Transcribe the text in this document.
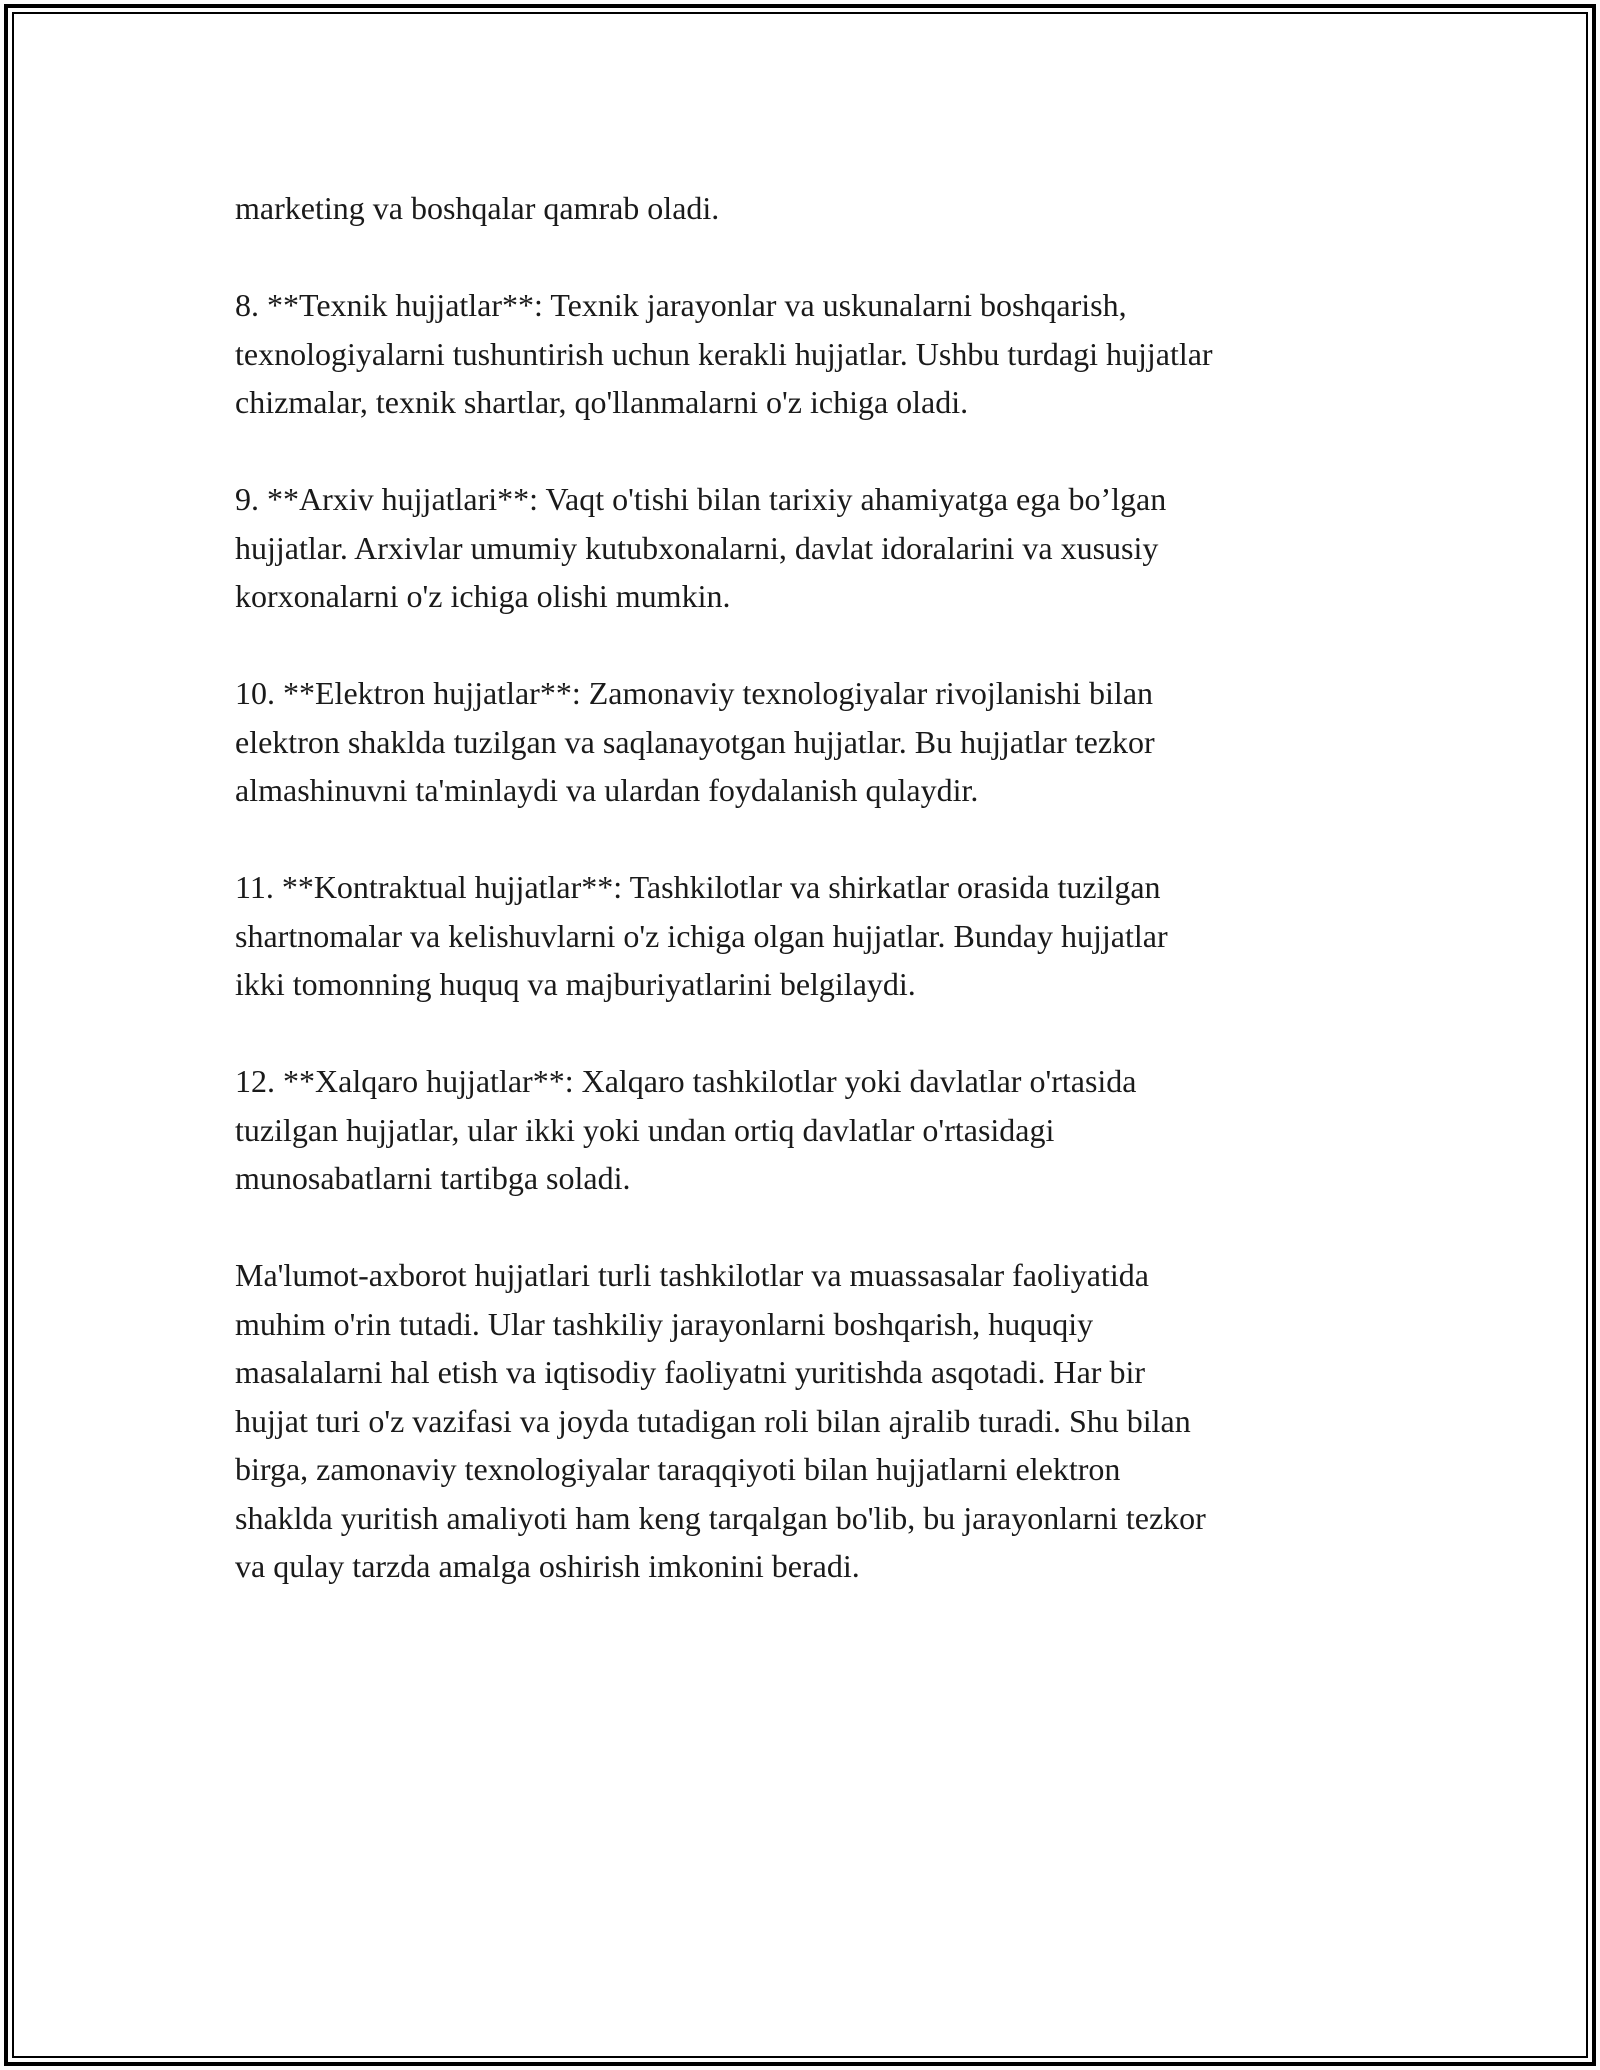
marketing va boshqalar qamrab oladi.

8. **Texnik hujjatlar**: Texnik jarayonlar va uskunalarni boshqarish,
texnologiyalarni tushuntirish uchun kerakli hujjatlar. Ushbu turdagi hujjatlar
chizmalar, texnik shartlar, qo'llanmalarni o'z ichiga oladi.

9. **Arxiv hujjatlari**: Vaqt o'tishi bilan tarixiy ahamiyatga ega bo’lgan
hujjatlar. Arxivlar umumiy kutubxonalarni, davlat idoralarini va xususiy
korxonalarni o'z ichiga olishi mumkin.

10. **Elektron hujjatlar**: Zamonaviy texnologiyalar rivojlanishi bilan
elektron shaklda tuzilgan va saqlanayotgan hujjatlar. Bu hujjatlar tezkor
almashinuvni ta'minlaydi va ulardan foydalanish qulaydir.

11. **Kontraktual hujjatlar**: Tashkilotlar va shirkatlar orasida tuzilgan
shartnomalar va kelishuvlarni o'z ichiga olgan hujjatlar. Bunday hujjatlar
ikki tomonning huquq va majburiyatlarini belgilaydi.

12. **Xalqaro hujjatlar**: Xalqaro tashkilotlar yoki davlatlar o'rtasida
tuzilgan hujjatlar, ular ikki yoki undan ortiq davlatlar o'rtasidagi
munosabatlarni tartibga soladi.

Ma'lumot-axborot hujjatlari turli tashkilotlar va muassasalar faoliyatida
muhim o'rin tutadi. Ular tashkiliy jarayonlarni boshqarish, huquqiy
masalalarni hal etish va iqtisodiy faoliyatni yuritishda asqotadi. Har bir
hujjat turi o'z vazifasi va joyda tutadigan roli bilan ajralib turadi. Shu bilan
birga, zamonaviy texnologiyalar taraqqiyoti bilan hujjatlarni elektron
shaklda yuritish amaliyoti ham keng tarqalgan bo'lib, bu jarayonlarni tezkor
va qulay tarzda amalga oshirish imkonini beradi.
